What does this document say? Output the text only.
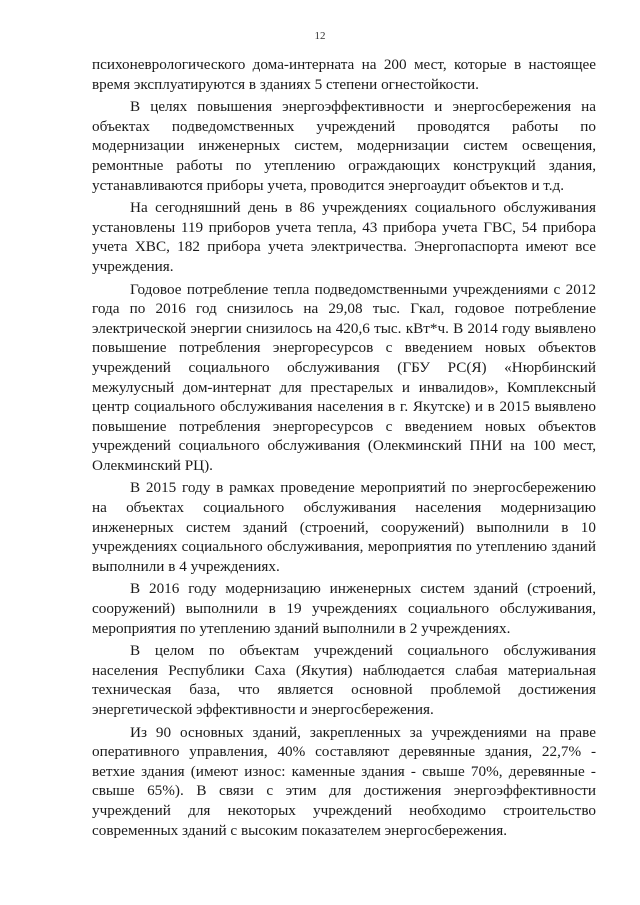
12

психоневрологического дома-интерната на 200 мест, которые в настоящее время эксплуатируются в зданиях 5 степени огнестойкости.

В целях повышения энергоэффективности и энергосбережения на объектах подведомственных учреждений проводятся работы по модернизации инженерных систем, модернизации систем освещения, ремонтные работы по утеплению ограждающих конструкций здания, устанавливаются приборы учета, проводится энергоаудит объектов и т.д.

На сегодняшний день в 86 учреждениях социального обслуживания установлены 119 приборов учета тепла, 43 прибора учета ГВС, 54 прибора учета ХВС, 182 прибора учета электричества. Энергопаспорта имеют все учреждения.

Годовое потребление тепла подведомственными учреждениями с 2012 года по 2016 год снизилось на 29,08 тыс. Гкал, годовое потребление электрической энергии снизилось на 420,6 тыс. кВт*ч. В 2014 году выявлено повышение потребления энергоресурсов с введением новых объектов учреждений социального обслуживания (ГБУ РС(Я) «Нюрбинский межулусный дом-интернат для престарелых и инвалидов», Комплексный центр социального обслуживания населения в г. Якутске) и в 2015 выявлено повышение потребления энергоресурсов с введением новых объектов учреждений социального обслуживания (Олекминский ПНИ на 100 мест, Олекминский РЦ).

В 2015 году в рамках проведение мероприятий по энергосбережению на объектах социального обслуживания населения модернизацию инженерных систем зданий (строений, сооружений) выполнили в 10 учреждениях социального обслуживания, мероприятия по утеплению зданий выполнили в 4 учреждениях.

В 2016 году модернизацию инженерных систем зданий (строений, сооружений) выполнили в 19 учреждениях социального обслуживания, мероприятия по утеплению зданий выполнили в 2 учреждениях.

В целом по объектам учреждений социального обслуживания населения Республики Саха (Якутия) наблюдается слабая материальная техническая база, что является основной проблемой достижения энергетической эффективности и энергосбережения.

Из 90 основных зданий, закрепленных за учреждениями на праве оперативного управления, 40% составляют деревянные здания, 22,7% - ветхие здания (имеют износ: каменные здания - свыше 70%, деревянные - свыше 65%). В связи с этим для достижения энергоэффективности учреждений для некоторых учреждений необходимо строительство современных зданий с высоким показателем энергосбережения.
